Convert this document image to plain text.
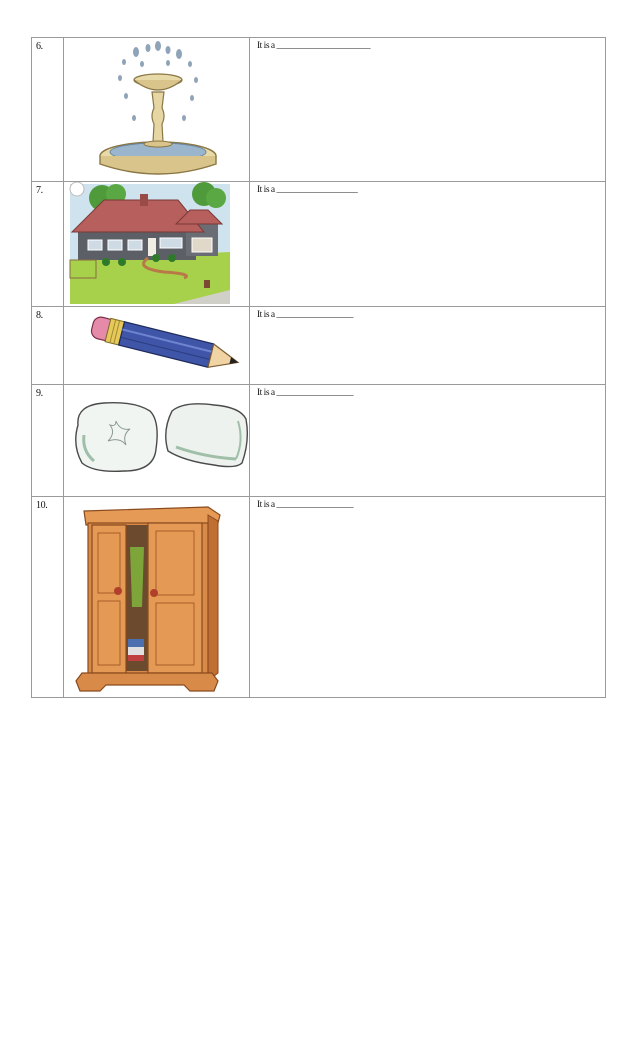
6.		It is a ______________________
7.		It is a ___________________
8.		It is a __________________
9.		It is a __________________
10.		It is a __________________
